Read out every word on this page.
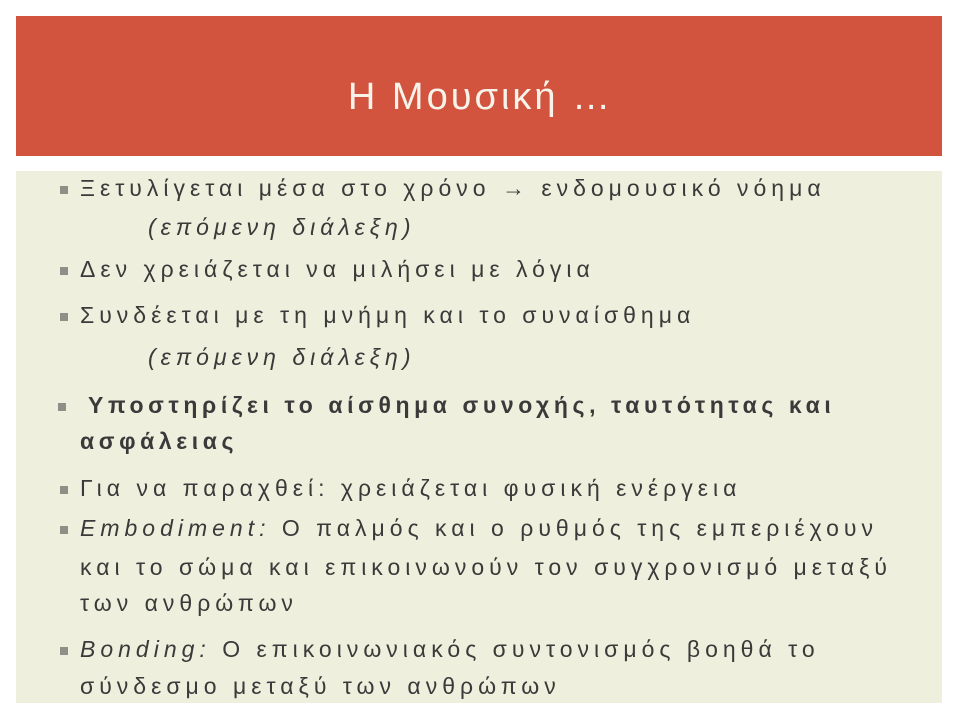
Η Μουσική …
Ξετυλίγεται μέσα στο χρόνο → ενδομουσικό νόημα
(επόμενη διάλεξη)
Δεν χρειάζεται να μιλήσει με λόγια
Συνδέεται με τη μνήμη και το συναίσθημα
(επόμενη διάλεξη)
Υποστηρίζει το αίσθημα συνοχής, ταυτότητας και
ασφάλειας
Για να παραχθεί: χρειάζεται φυσική ενέργεια
Embodiment: Ο παλμός και ο ρυθμός της εμπεριέχουν
και το σώμα και επικοινωνούν τον συγχρονισμό μεταξύ
των ανθρώπων
Bonding: Ο επικοινωνιακός συντονισμός βοηθά το
σύνδεσμο μεταξύ των ανθρώπων
